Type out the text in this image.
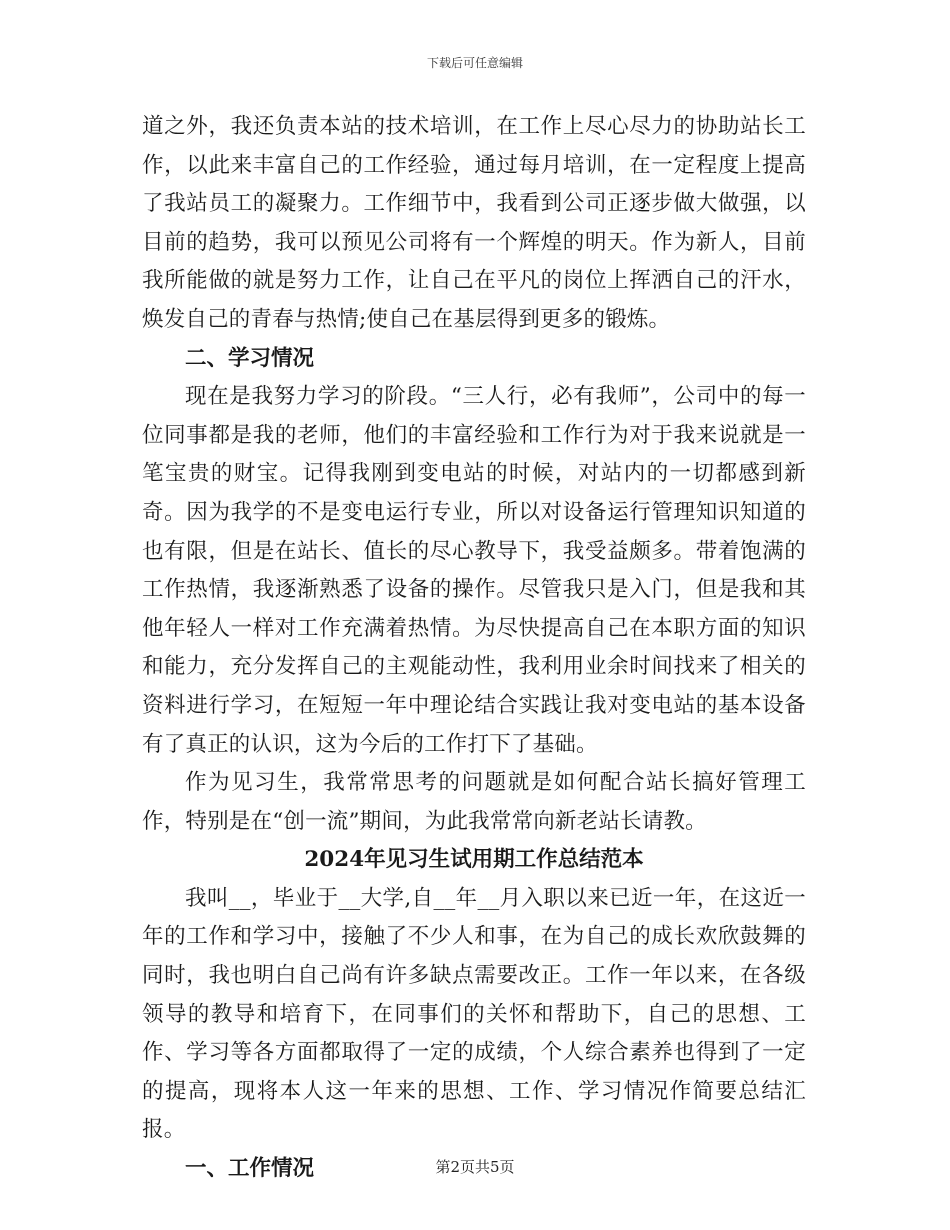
下载后可任意编辑

道之外，我还负责本站的技术培训，在工作上尽心尽力的协助站长工作，以此来丰富自己的工作经验，通过每月培训，在一定程度上提高了我站员工的凝聚力。工作细节中，我看到公司正逐步做大做强，以目前的趋势，我可以预见公司将有一个辉煌的明天。作为新人，目前我所能做的就是努力工作，让自己在平凡的岗位上挥洒自己的汗水，焕发自己的青春与热情;使自己在基层得到更多的锻炼。

二、学习情况

现在是我努力学习的阶段。“三人行，必有我师”，公司中的每一位同事都是我的老师，他们的丰富经验和工作行为对于我来说就是一笔宝贵的财宝。记得我刚到变电站的时候，对站内的一切都感到新奇。因为我学的不是变电运行专业，所以对设备运行管理知识知道的也有限，但是在站长、值长的尽心教导下，我受益颇多。带着饱满的工作热情，我逐渐熟悉了设备的操作。尽管我只是入门，但是我和其他年轻人一样对工作充满着热情。为尽快提高自己在本职方面的知识和能力，充分发挥自己的主观能动性，我利用业余时间找来了相关的资料进行学习，在短短一年中理论结合实践让我对变电站的基本设备有了真正的认识，这为今后的工作打下了基础。

作为见习生，我常常思考的问题就是如何配合站长搞好管理工作，特别是在“创一流”期间，为此我常常向新老站长请教。

2024年见习生试用期工作总结范本

我叫__，毕业于__大学,自__年__月入职以来已近一年，在这近一年的工作和学习中，接触了不少人和事，在为自己的成长欢欣鼓舞的同时，我也明白自己尚有许多缺点需要改正。工作一年以来，在各级领导的教导和培育下，在同事们的关怀和帮助下，自己的思想、工作、学习等各方面都取得了一定的成绩，个人综合素养也得到了一定的提高，现将本人这一年来的思想、工作、学习情况作简要总结汇报。

一、工作情况	第2页共5页
